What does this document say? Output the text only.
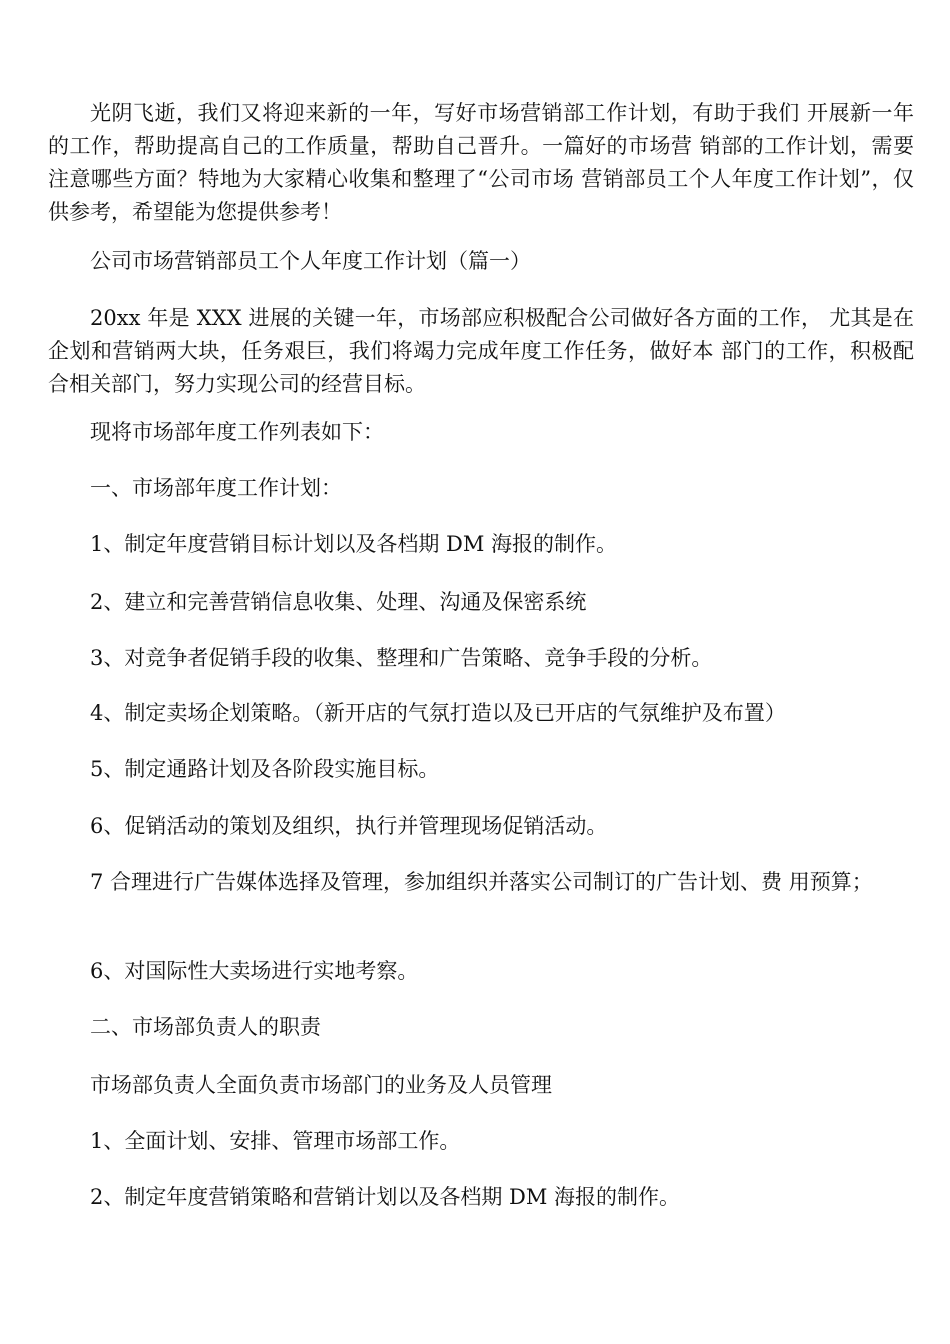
光阴飞逝，我们又将迎来新的一年，写好市场营销部工作计划，有助于我们 开展新一年的工作，帮助提高自己的工作质量，帮助自己晋升。一篇好的市场营 销部的工作计划，需要注意哪些方面？特地为大家精心收集和整理了“公司市场 营销部员工个人年度工作计划”，仅供参考，希望能为您提供参考！

公司市场营销部员工个人年度工作计划（篇一）

20xx 年是 XXX 进展的关键一年，市场部应积极配合公司做好各方面的工作， 尤其是在企划和营销两大块，任务艰巨，我们将竭力完成年度工作任务，做好本 部门的工作，积极配合相关部门，努力实现公司的经营目标。

现将市场部年度工作列表如下：

一、市场部年度工作计划：

1、制定年度营销目标计划以及各档期 DM 海报的制作。

2、建立和完善营销信息收集、处理、沟通及保密系统

3、对竞争者促销手段的收集、整理和广告策略、竞争手段的分析。

4、制定卖场企划策略。（新开店的气氛打造以及已开店的气氛维护及布置）

5、制定通路计划及各阶段实施目标。

6、促销活动的策划及组织，执行并管理现场促销活动。

7 合理进行广告媒体选择及管理，参加组织并落实公司制订的广告计划、费 用预算；

6、对国际性大卖场进行实地考察。

二、市场部负责人的职责

市场部负责人全面负责市场部门的业务及人员管理

1、全面计划、安排、管理市场部工作。

2、制定年度营销策略和营销计划以及各档期 DM 海报的制作。
